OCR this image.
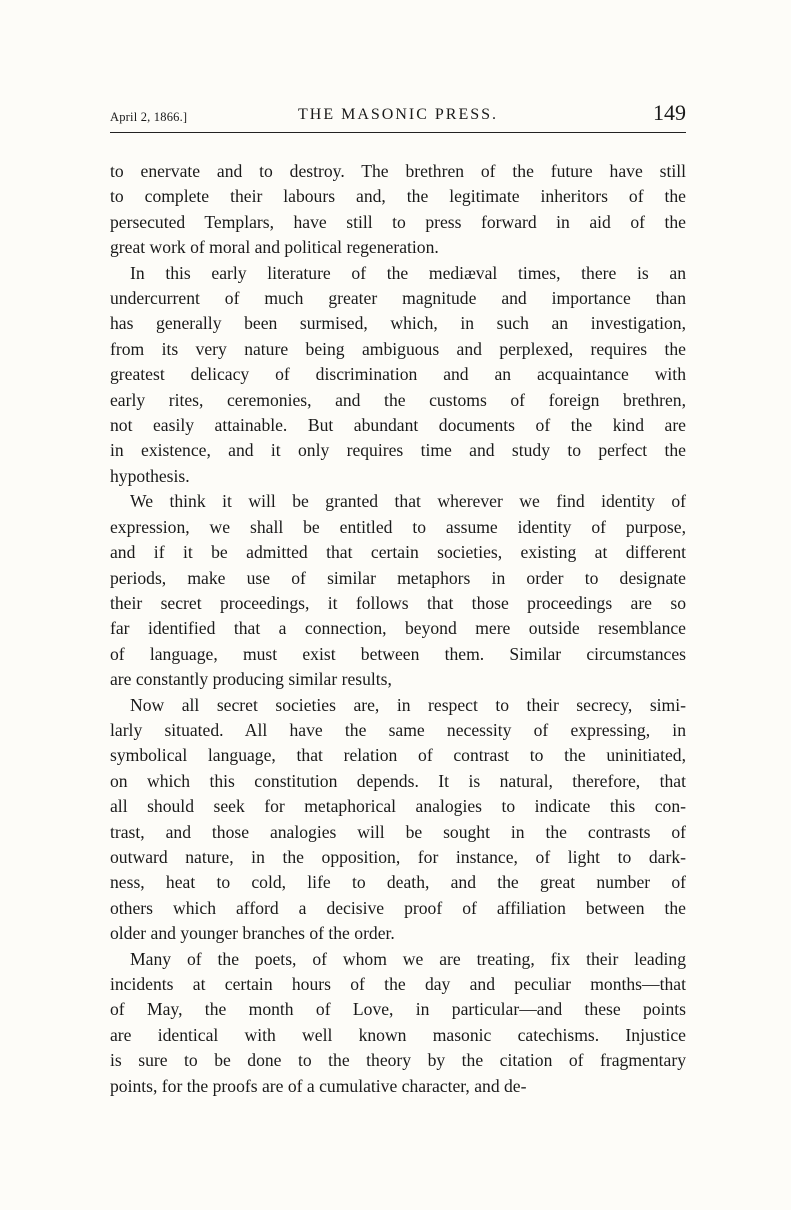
April 2, 1866.]	THE MASONIC PRESS.	149
to enervate and to destroy. The brethren of the future have still
to complete their labours and, the legitimate inheritors of the
persecuted Templars, have still to press forward in aid of the
great work of moral and political regeneration.
In this early literature of the mediæval times, there is an
undercurrent of much greater magnitude and importance than
has generally been surmised, which, in such an investigation,
from its very nature being ambiguous and perplexed, requires the
greatest delicacy of discrimination and an acquaintance with
early rites, ceremonies, and the customs of foreign brethren,
not easily attainable. But abundant documents of the kind are
in existence, and it only requires time and study to perfect the
hypothesis.
We think it will be granted that wherever we find identity of
expression, we shall be entitled to assume identity of purpose,
and if it be admitted that certain societies, existing at different
periods, make use of similar metaphors in order to designate
their secret proceedings, it follows that those proceedings are so
far identified that a connection, beyond mere outside resemblance
of language, must exist between them. Similar circumstances
are constantly producing similar results,
Now all secret societies are, in respect to their secrecy, simi-
larly situated. All have the same necessity of expressing, in
symbolical language, that relation of contrast to the uninitiated,
on which this constitution depends. It is natural, therefore, that
all should seek for metaphorical analogies to indicate this con-
trast, and those analogies will be sought in the contrasts of
outward nature, in the opposition, for instance, of light to dark-
ness, heat to cold, life to death, and the great number of
others which afford a decisive proof of affiliation between the
older and younger branches of the order.
Many of the poets, of whom we are treating, fix their leading
incidents at certain hours of the day and peculiar months—that
of May, the month of Love, in particular—and these points
are identical with well known masonic catechisms. Injustice
is sure to be done to the theory by the citation of fragmentary
points, for the proofs are of a cumulative character, and de-
